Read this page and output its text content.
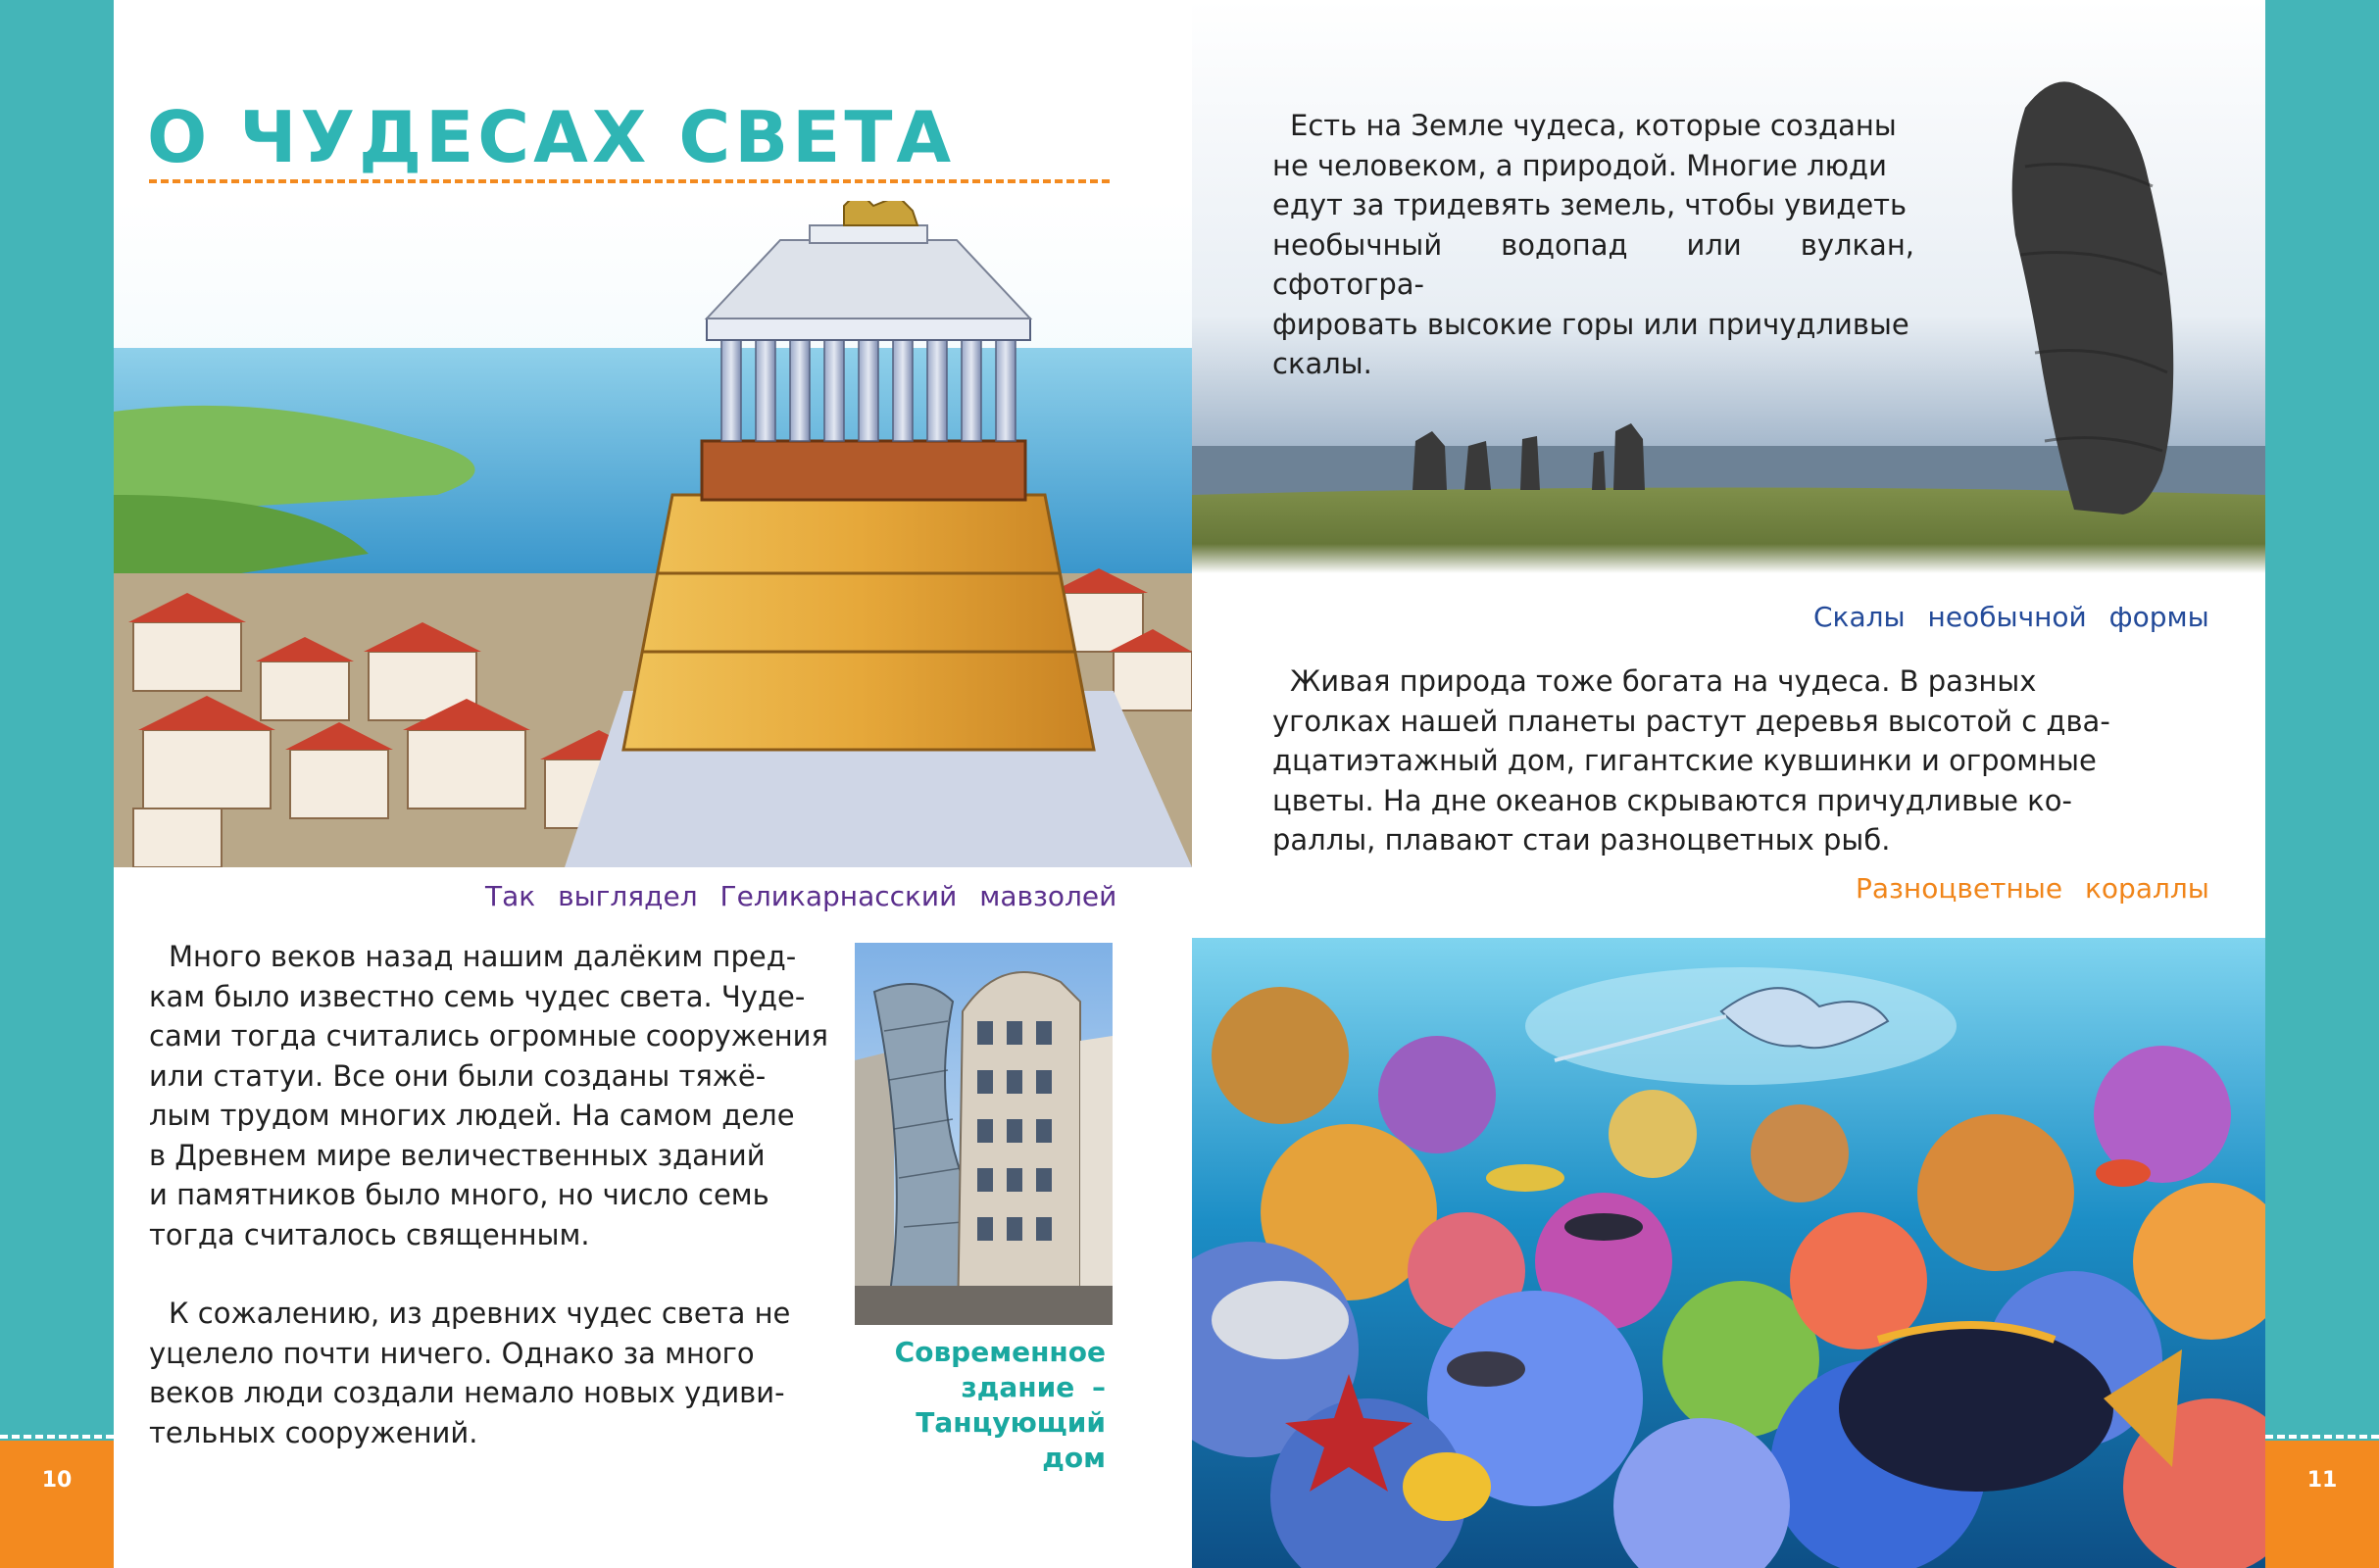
10	11
О ЧУДЕСАХ СВЕТА
Так выглядел Геликарнасский мавзолей
Скалы необычной формы
Разноцветные кораллы
Современное
здание –
Танцующий дом
Есть на Земле чудеса, которые созданы
не человеком, а природой. Многие люди
едут за тридевять земель, чтобы увидеть
необычный водопад или вулкан, сфотогра-
фировать высокие горы или причудливые
скалы.
Живая природа тоже богата на чудеса. В разных
уголках нашей планеты растут деревья высотой с два-
дцатиэтажный дом, гигантские кувшинки и огромные
цветы. На дне океанов скрываются причудливые ко-
раллы, плавают стаи разноцветных рыб.
Много веков назад нашим далёким пред-
кам было известно семь чудес света. Чуде-
сами тогда считались огромные сооружения
или статуи. Все они были созданы тяжё-
лым трудом многих людей. На самом деле
в Древнем мире величественных зданий
и памятников было много, но число семь
тогда считалось священным.
К сожалению, из древних чудес света не
уцелело почти ничего. Однако за много
веков люди создали немало новых удиви-
тельных сооружений.
